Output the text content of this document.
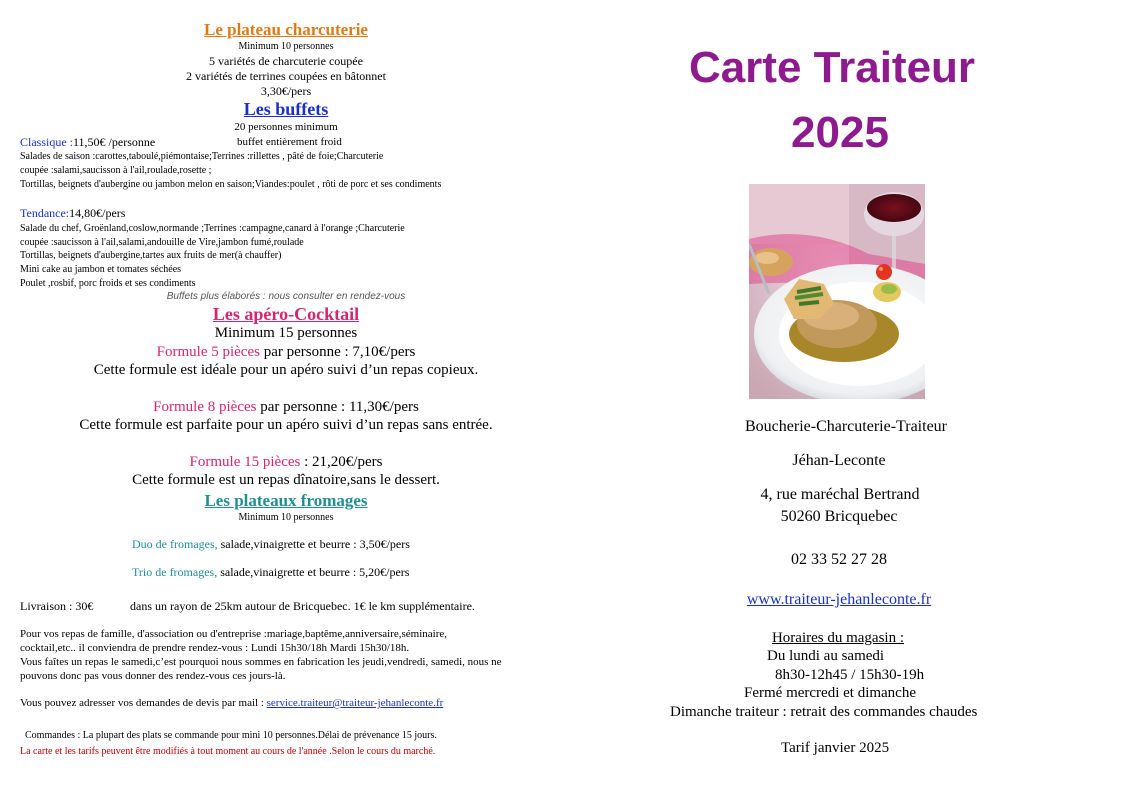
Le plateau charcuterie
Minimum 10 personnes
5 variétés de charcuterie coupée
2 variétés de terrines coupées en bâtonnet
3,30€/pers
Les buffets
20 personnes minimum
Classique :11,50€ /personne	buffet entièrement froid
Salades de saison :carottes,taboulé,piémontaise;Terrines :rillettes , pâté de foie;Charcuterie
coupée :salami,saucisson à l'ail,roulade,rosette ;
Tortillas, beignets d'aubergine ou jambon melon en saison;Viandes:poulet , rôti de porc et ses condiments
Tendance:14,80€/pers
Salade du chef, Groënland,coslow,normande ;Terrines :campagne,canard à l'orange ;Charcuterie
coupée :saucisson à l'ail,salami,andouille de Vire,jambon fumé,roulade
Tortillas, beignets d'aubergine,tartes aux fruits de mer(à chauffer)
Mini cake au jambon et tomates séchées
Poulet ,rosbif, porc froids et ses condiments
Buffets plus élaborés : nous consulter en rendez-vous
Les apéro-Cocktail
Minimum 15 personnes
Formule 5 pièces par personne : 7,10€/pers
Cette formule est idéale pour un apéro suivi d’un repas copieux.
Formule 8 pièces par personne : 11,30€/pers
Cette formule est parfaite pour un apéro suivi d’un repas sans entrée.
Formule 15 pièces : 21,20€/pers
Cette formule est un repas dînatoire,sans le dessert.
Les plateaux fromages
Minimum 10 personnes
Duo de fromages, salade,vinaigrette et beurre : 3,50€/pers
Trio de fromages, salade,vinaigrette et beurre : 5,20€/pers
Livraison : 30€	dans un rayon de 25km autour de Bricquebec. 1€ le km supplémentaire.
Pour vos repas de famille, d'association ou d'entreprise :mariage,baptême,anniversaire,séminaire,
cocktail,etc.. il conviendra de prendre rendez-vous : Lundi 15h30/18h Mardi 15h30/18h.
Vous faîtes un repas le samedi,c’est pourquoi nous sommes en fabrication les jeudi,vendredi, samedi, nous ne
pouvons donc pas vous donner des rendez-vous ces jours-là.
Vous pouvez adresser vos demandes de devis par mail : service.traiteur@traiteur-jehanleconte.fr
Commandes : La plupart des plats se commande pour mini 10 personnes.Délai de prévenance 15 jours.
La carte et les tarifs peuvent être modifiés à tout moment au cours de l'année .Selon le cours du marché.
Carte Traiteur
2025
Boucherie-Charcuterie-Traiteur
Jéhan-Leconte
4, rue maréchal Bertrand
50260 Bricquebec
02 33 52 27 28
www.traiteur-jehanleconte.fr
Horaires du magasin :
Du lundi au samedi
8h30-12h45 / 15h30-19h
Fermé mercredi et dimanche
Dimanche traiteur : retrait des commandes chaudes
Tarif janvier 2025
